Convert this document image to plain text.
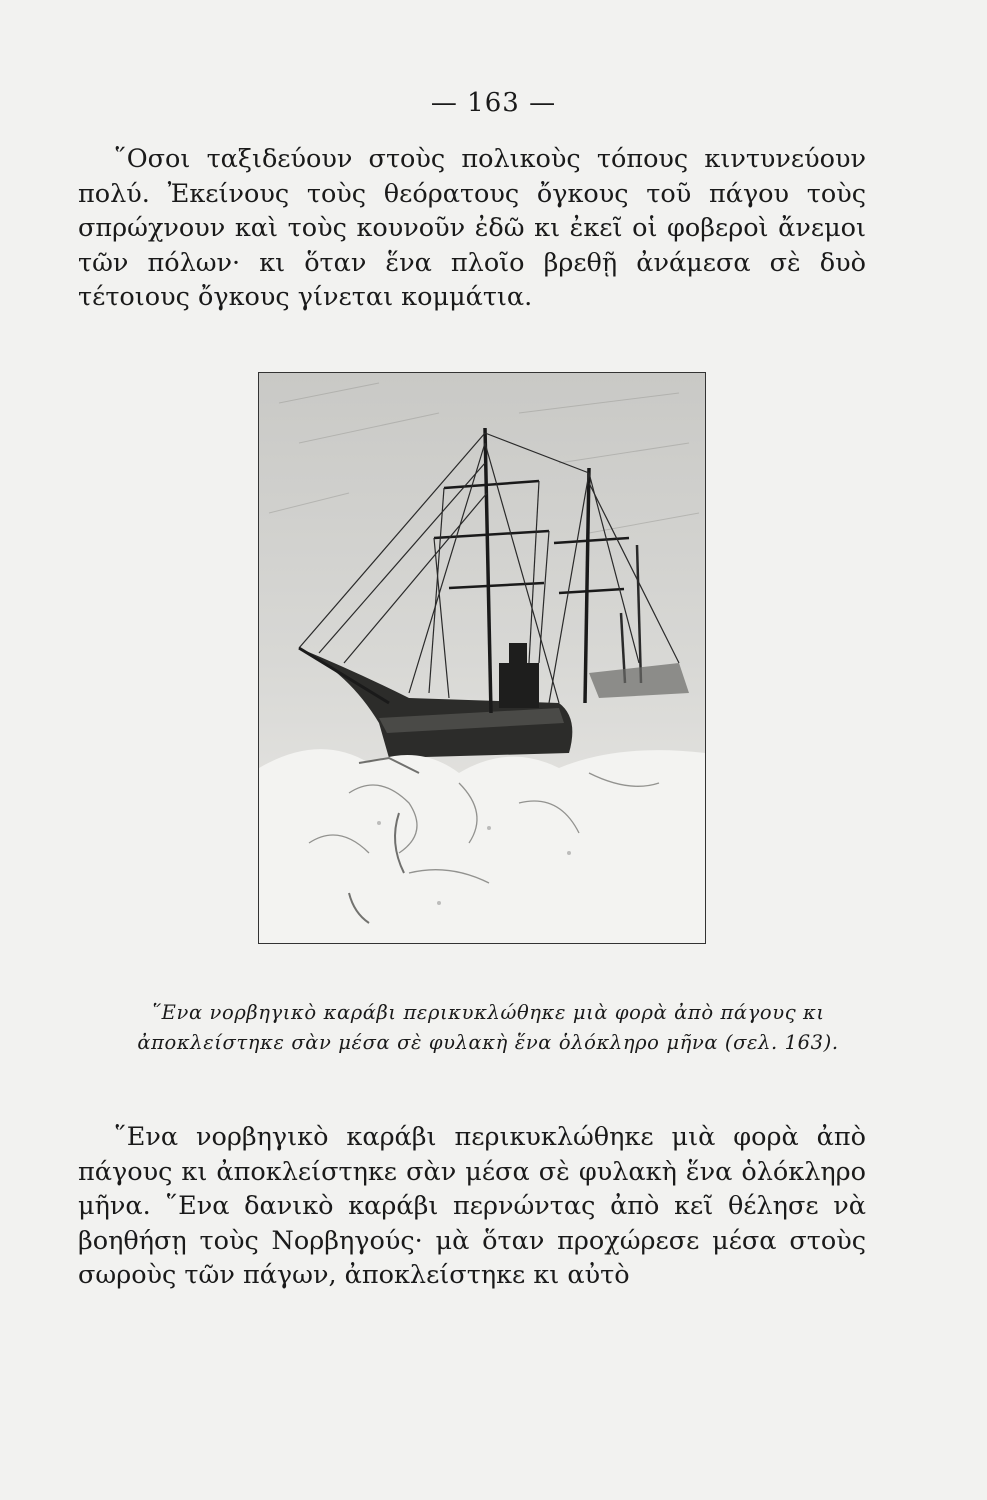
— 163 —

῞Οσοι ταξιδεύουν στοὺς πολικοὺς τόπους κιντυνεύουν πολύ. Ἐκείνους τοὺς θεόρατους ὄγκους τοῦ πάγου τοὺς σπρώχνουν καὶ τοὺς κουνοῦν ἐδῶ κι ἐκεῖ οἱ φοβεροὶ ἄνεμοι τῶν πόλων· κι ὅταν ἕνα πλοῖο βρεθῇ ἀνάμεσα σὲ δυὸ τέτοιους ὄγκους γίνεται κομμάτια.

῞Ενα νορβηγικὸ καράβι περικυκλώθηκε μιὰ φορὰ ἀπὸ πάγους κι ἀποκλείστηκε σὰν μέσα σὲ φυλακὴ ἕνα ὁλόκληρο μῆνα (σελ. 163).

῞Ενα νορβηγικὸ καράβι περικυκλώθηκε μιὰ φορὰ ἀπὸ πάγους κι ἀποκλείστηκε σὰν μέσα σὲ φυλακὴ ἕνα ὁλόκληρο μῆνα. ῞Ενα δανικὸ καράβι περνώντας ἀπὸ κεῖ θέλησε νὰ βοηθήσῃ τοὺς Νορβηγούς· μὰ ὅταν προχώρεσε μέσα στοὺς σωροὺς τῶν πάγων, ἀποκλείστηκε κι αὐτὸ
